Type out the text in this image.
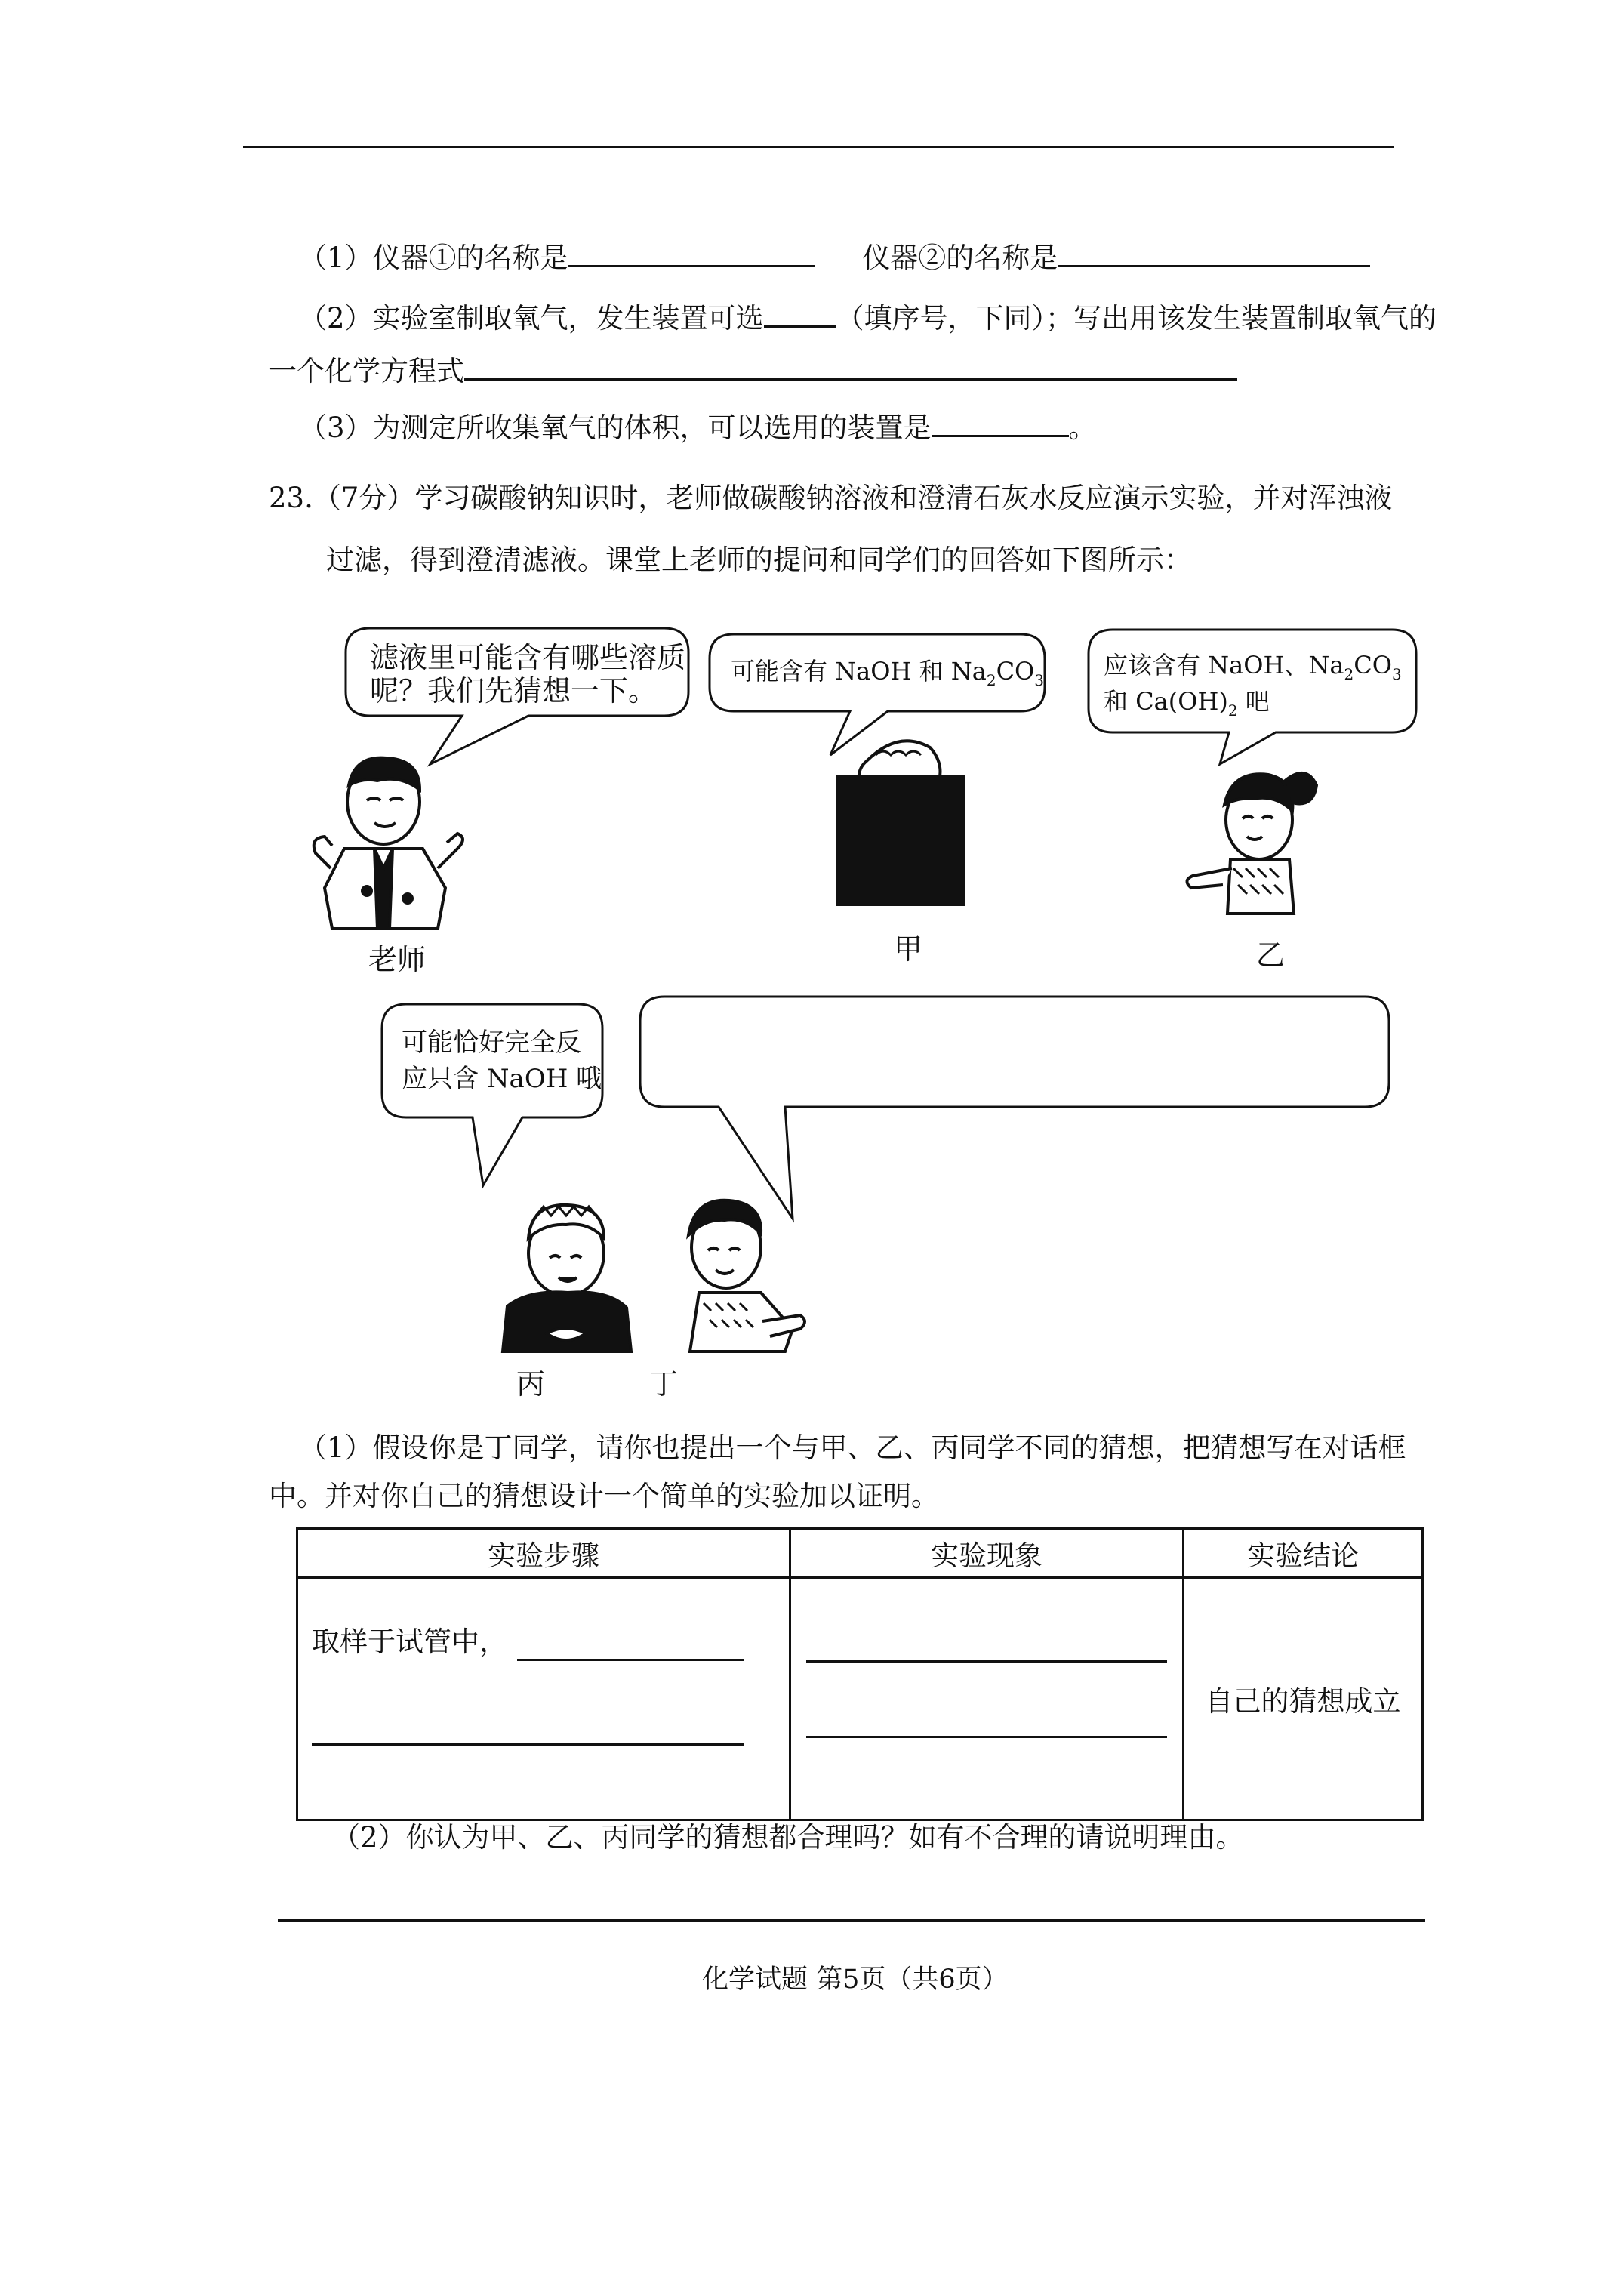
（1）仪器①的名称是	仪器②的名称是
（2）实验室制取氧气，发生装置可选	（填序号，下同）；写出用该发生装置制取氧气的
一个化学方程式
（3）为测定所收集氧气的体积，可以选用的装置是	。
23.（7分）学习碳酸钠知识时，老师做碳酸钠溶液和澄清石灰水反应演示实验，并对浑浊液
过滤，得到澄清滤液。课堂上老师的提问和同学们的回答如下图所示：
滤液里可能含有哪些溶质
呢？我们先猜想一下。
可能含有 NaOH 和 $Na_2CO_3$
应该含有 NaOH、$Na_2CO_3$
和 $Ca(OH)_2$ 吧
老师	甲	乙
可能恰好完全反
应只含 NaOH 哦
丙	丁
（1）假设你是丁同学，请你也提出一个与甲、乙、丙同学不同的猜想，把猜想写在对话框
中。并对你自己的猜想设计一个简单的实验加以证明。
实验步骤	实验现象	实验结论

取样于试管中，		自己的猜想成立
（2）你认为甲、乙、丙同学的猜想都合理吗？如有不合理的请说明理由。
化学试题 第5页（共6页）
